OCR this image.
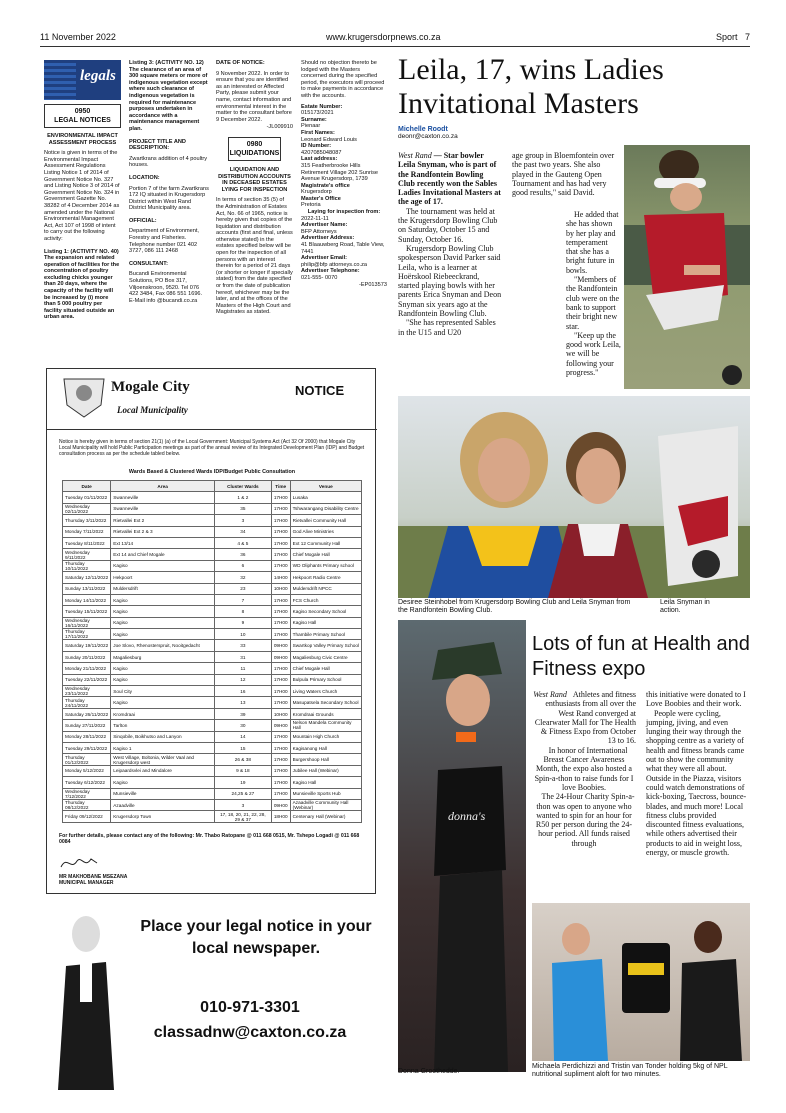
11 November 2022	www.krugersdorpnews.co.za	Sport 7
legals
0950
LEGAL NOTICES

ENVIRONMENTAL IMPACT ASSESSMENT PROCESS

Notice is given in terms of the Environmental Impact Assessment Regulations Listing Notice 1 of 2014 of Government Notice No. 327 and Listing Notice 3 of 2014 of Government Notice No. 324 in Government Gazette No. 38282 of 4 December 2014 as amended under the National Environmental Management Act, Act 107 of 1998 of intent to carry out the following activity:

Listing 1: (ACTIVITY NO. 40) The expansion and related operation of facilities for the concentration of poultry excluding chicks younger than 20 days, where the capacity of the facility will be increased by (i) more than 5 000 poultry per facility situated outside an urban area.

Listing 3: (ACTIVITY NO. 12) The clearance of an area of 300 square meters or more of indigenous vegetation except where such clearance of indigenous vegetation is required for maintenance purposes undertaken in accordance with a maintenance management plan.

PROJECT TITLE AND DESCRIPTION:

Zwartkrans addition of 4 poultry houses.

LOCATION:

Portion 7 of the farm Zwartkrans 172 IQ situated in Krugersdorp District within West Rand District Municipality area.

OFFICIAL:

Department of Environment, Forestry and Fisheries. Telephone number 021 402 3727, 086 111 2468

CONSULTANT:

Bucandi Environmental Solutions, PO Box 317, Viljoenskroon, 9520. Tel 076 422 3484, Fax 086 551 1696. E-Mail info @bucandi.co.za

DATE OF NOTICE:

9 November 2022. In order to ensure that you are identified as an interested or Affected Party, please submit your name, contact information and environmental interest in the matter to the consultant before 9 December 2022.

-JL009910

0980
LIQUIDATIONS

LIQUIDATION AND DISTRIBUTION ACCOUNTS IN DECEASED ESTATES LYING FOR INSPECTION

In terms of section 35 (5) of the Administration of Estates Act, No. 66 of 1965, notice is hereby given that copies of the liquidation and distribution accounts (first and final, unless otherwise stated) in the estates specified below will be open for the inspection of all persons with an interest therein for a period of 21 days (or shorter or longer if specially stated) from the date specified or from the date of publication hereof, whichever may be the later, and at the offices of the Masters of the High Court and Magistrates as stated.

Should no objection thereto be lodged with the Masters concerned during the specified period, the executors will proceed to make payments in accordance with the accounts.

Estate Number:
015173/2021
Surname:
Pienaar
First Names:
Leonard Edward Louis
ID Number:
4207085048087
Last address:
315 Featherbrooke Hills Retirement Village 202 Sunrise Avenue Krugersdorp, 1739
Magistrate's office
Krugersdorp
Master's Office
Pretoria
Laying for inspection from:
2022-11-11
Advertiser Name:
BFP Attorneys
Advertiser Address:
41 Blaauwberg Road, Table View, 7441
Advertiser Email:
philip@bfp attorneys.co.za
Advertiser Telephone:
021-555- 0070

-EP013573

Leila, 17, wins Ladies Invitational Masters
Michelle Roodt
deonr@caxton.co.za

West Rand — Star bowler Leila Snyman, who is part of the Randfontein Bowling Club recently won the Sables Ladies Invitational Masters at the age of 17.

The tournament was held at the Krugersdorp Bowling Club on Saturday, October 15 and Sunday, October 16.

Krugersdorp Bowling Club spokesperson David Parker said Leila, who is a learner at Hoërskool Riebeeckrand, started playing bowls with her parents Erica Snyman and Deon Snyman six years ago at the Randfontein Bowling Club.

"She has represented Sables in the U15 and U20

age group in Bloemfontein over the past two years. She also played in the Gauteng Open Tournament and has had very good results," said David.

He added that she has shown by her play and temperament that she has a bright future in bowls.

"Members of the Randfontein club were on the bank to support their bright new star.

"Keep up the good work Leila, we will be following your progress."

Desiree Steinhobel from Krugersdorp Bowling Club and Leila Snyman from the Randfontein Bowling Club.
Leila Snyman in action.
Mogale City
Local Municipality
NOTICE
Notice is hereby given in terms of section 21(1) (a) of the Local Government: Municipal Systems Act (Act 32 Of 2000) that Mogale City Local Municipality will hold Public Participation meetings as part of the annual review of its Integrated Development Plan (IDP) and Budget consultation process as per the schedule tabled below.
Wards Based & Clustered Wards IDP/Budget Public Consultation
Date	Area	Cluster Wards	Time	Venue
Tuesday 01/11/2022	Swanneville	1 & 2	17H00	Lusaka
Wednesday 02/11/2022	Swanneville	35	17H00	Tshwarangang Disability Centre
Thursday 3/11/2022	Rietvallei Ext 2	3	17H00	Rietvallei Community Hall
Monday 7/11/2022	Rietvallei Ext 2 & 3	34	17H00	God Alive Ministries
Tuesday 8/11/2022	Ext 13/14	4 & 5	17H00	Ext 12 Community Hall
Wednesday 9/11/2022	Ext 14 and Chief Mogale	36	17H00	Chief Mogale Hall
Thursday 10/11/2022	Kagiso	6	17H00	WD Oliphants Primary school
Saturday 12/11/2022	Hekpoort	32	14H00	Hekpoort Radio Centre
Sunday 13/11/2022	Muldersdrift	23	10H00	Muldersdrift NPCC
Monday 14/11/2022	Kagiso	7	17H00	FCS Church
Tuesday 15/11/2022	Kagiso	8	17H00	Kagiso Secondary School
Wednesday 16/11/2022	Kagiso	9	17H00	Kagiso Hall
Thursday 17/11/2022	Kagiso	10	17H00	Thambile Primary School
Saturday 19/11/2022	Joe Slovo, Rhenosterspruit, Nooitgedacht	33	09H00	Swartkop Valley Primary School
Sunday 20/11/2022	Magaliesburg	31	09H00	Magaliesburg Civic Centre
Monday 21/11/2022	Kagiso	11	17H00	Chief Mogale Hall
Tuesday 22/11/2022	Kagiso	12	17H00	Bulpula Primary School
Wednesday 23/11/2022	Soul City	16	17H00	Living Waters Church
Thursday 24/11/2022	Kagiso	13	17H00	Masupatsela Secondary School
Saturday 26/11/2022	Kromdraai	39	10H00	Kromdraai Grounds
Sunday 27/11/2022	Tarlton	30	09H00	Nelson Mandela Community Hall
Monday 28/11/2022	Sinqobile, Boikhutso and Lanyon	14	17H00	Mountain High Church
Tuesday 29/11/2022	Kagiso 1	15	17H00	Kagisanong Hall
Thursday 01/12/2022	West Village, Boltonia, Wilder Vaal and Krugersdorp west	26 & 38	17H00	Burgershoop Hall
Monday 5/12/2022	Leipaardsvlei and Mindalore	9 & 18	17H00	Jubilee Hall (Webinar)
Tuesday 6/12/2022	Kagiso	19	17H00	Kagiso Hall
Wednesday 7/12/2022	Munsieville	24,25 & 27	17H00	Munsieville Sports Hub
Thursday 08/12/2022	Azaadville	3	09H00	Azaadville Community Hall (Webinar)
Friday 09/12/2022	Krugersdorp Town	17, 18, 20, 21, 22, 28, 29 & 37	18H00	Centenary Hall (Webinar)
For further details, please contact any of the following: Mr. Thabo Ratopane @ 011 668 0515, Mr. Tshepo Logadi @ 011 668 0084
MR MAKHOBANE MSEZANA
MUNICIPAL MANAGER
Place your legal notice in your local newspaper.
010-971-3301
classadnw@caxton.co.za
donna's
Lots of fun at Health and Fitness expo

West Rand Athletes and fitness enthusiasts from all over the West Rand converged at Clearwater Mall for The Health & Fitness Expo from October 13 to 16.

In honor of International Breast Cancer Awareness Month, the expo also hosted a Spin-a-thon to raise funds for I love Boobies.

The 24-Hour Charity Spin-a-thon was open to anyone who wanted to spin for an hour for R50 per person during the 24-hour period. All funds raised through

this initiative were donated to I Love Boobies and their work.

People were cycling, jumping, jiving, and even lunging their way through the shopping centre as a variety of health and fitness brands came out to show the community what they were all about. Outside in the Piazza, visitors could watch demonstrations of kick-boxing, Taecross, bounce-blades, and much more! Local fitness clubs provided discounted fitness evaluations, while others advertised their products to aid in weight loss, energy, or muscle growth.

Donna Groothedde.
Michaela Perdichizzi and Tristin van Tonder holding 5kg of NPL nutritional supliment aloft for two minutes.
